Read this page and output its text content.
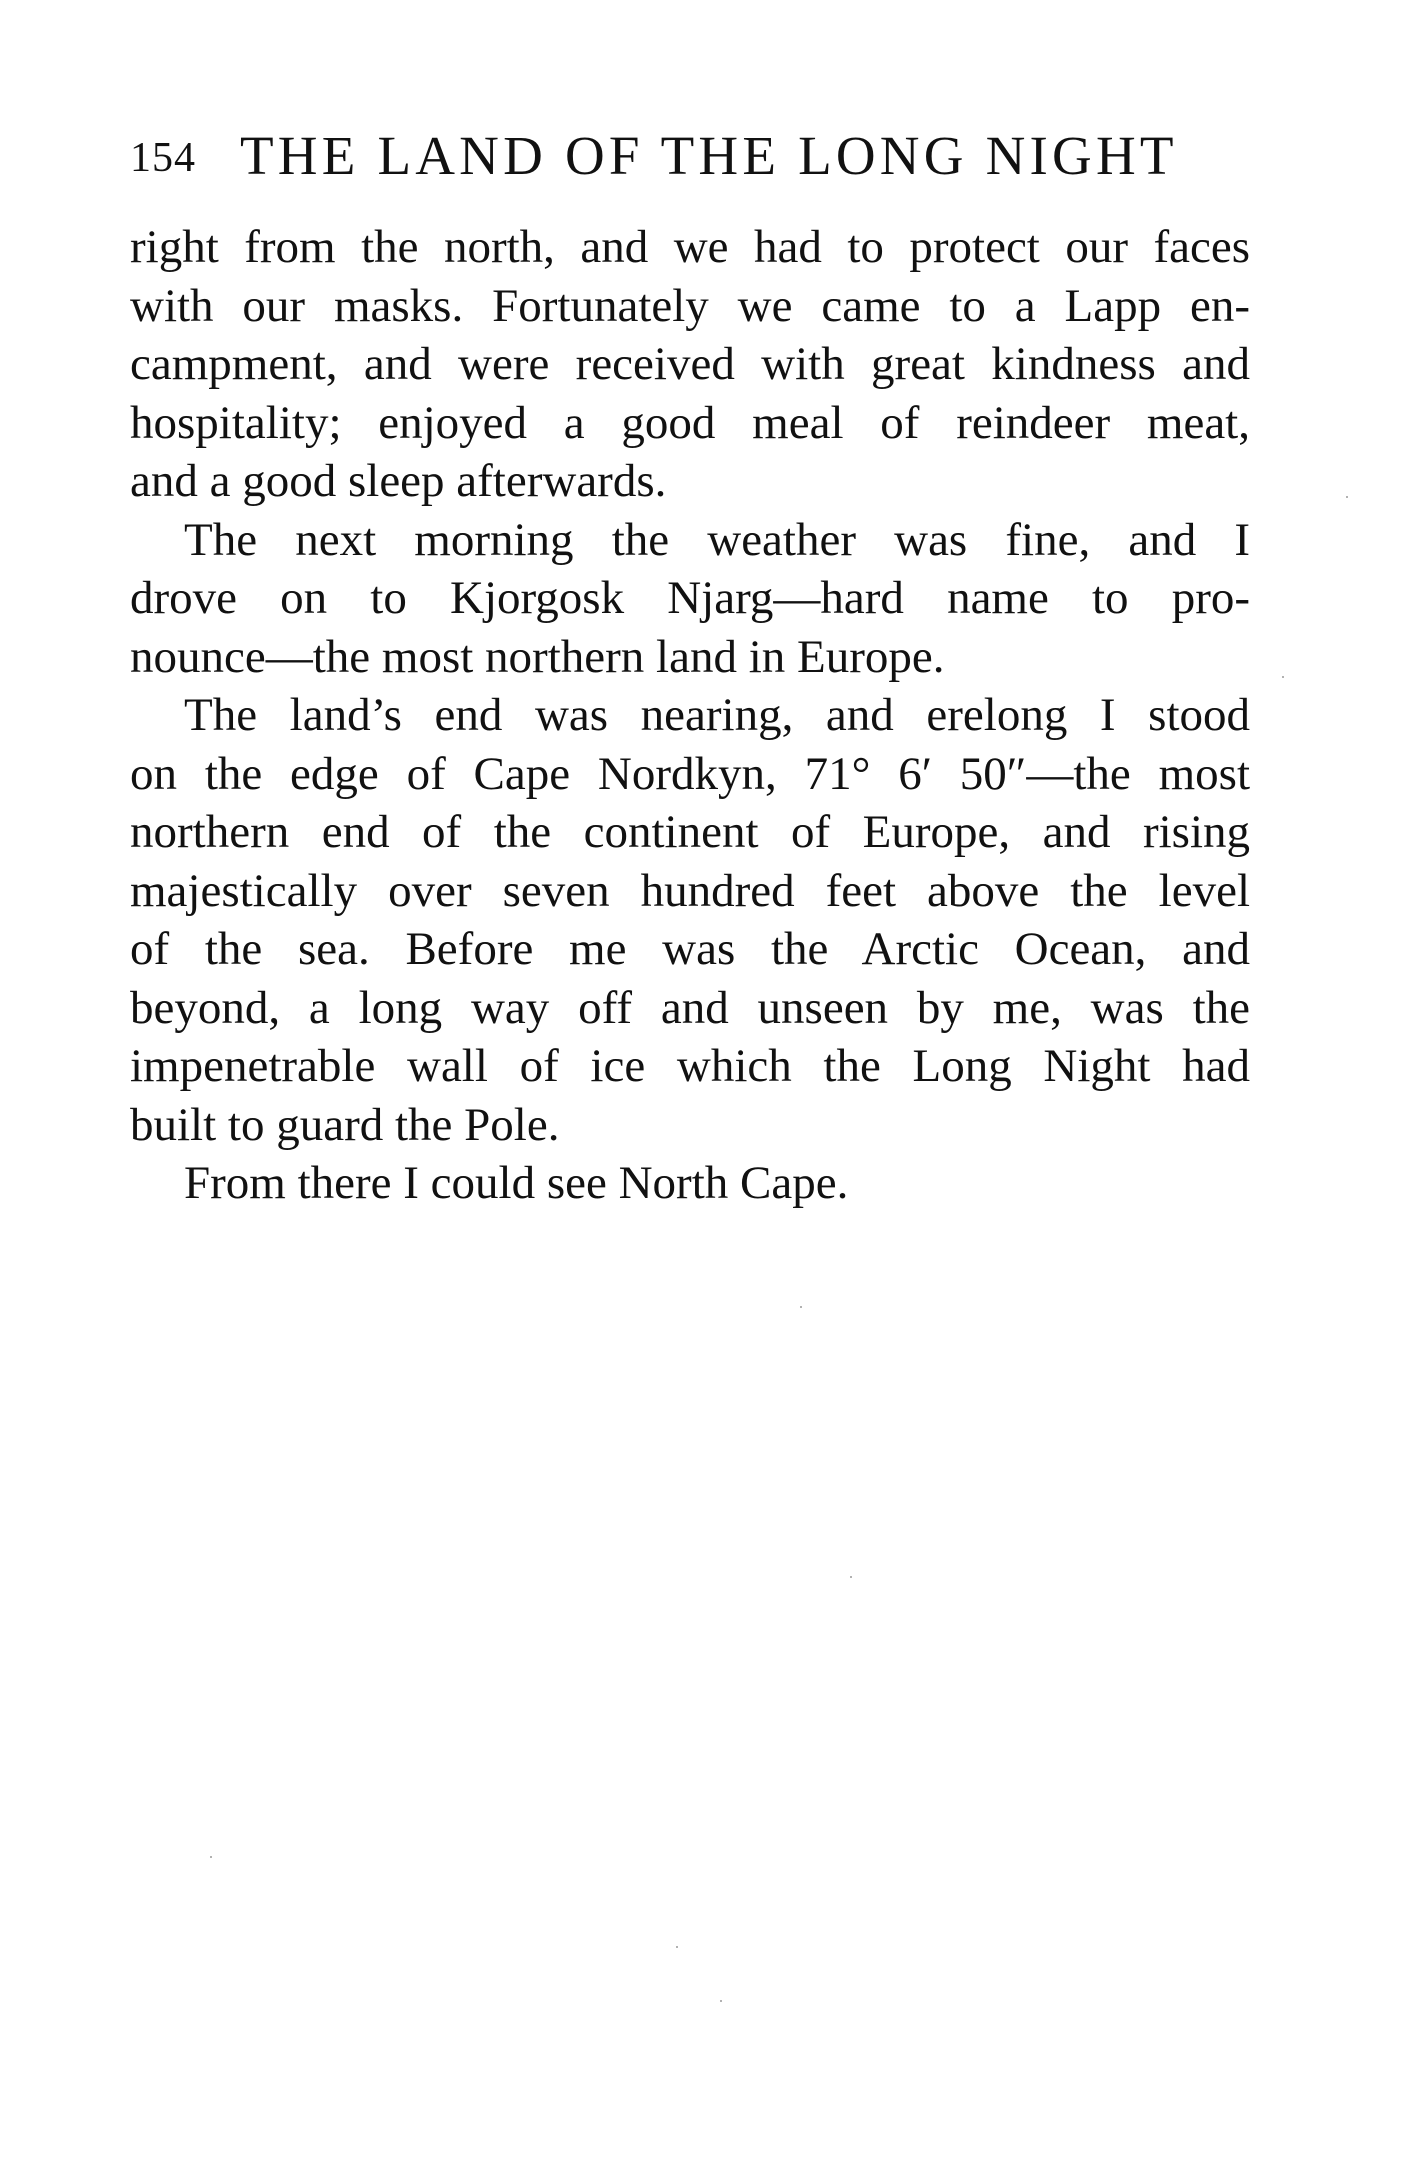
154 THE LAND OF THE LONG NIGHT
right from the north, and we had to protect our faces
with our masks. Fortunately we came to a Lapp en-
campment, and were received with great kindness and
hospitality; enjoyed a good meal of reindeer meat,
and a good sleep afterwards.
The next morning the weather was fine, and I
drove on to Kjorgosk Njarg—hard name to pro-
nounce—the most northern land in Europe.
The land’s end was nearing, and erelong I stood
on the edge of Cape Nordkyn, 71° 6′ 50″—the most
northern end of the continent of Europe, and rising
majestically over seven hundred feet above the level
of the sea. Before me was the Arctic Ocean, and
beyond, a long way off and unseen by me, was the
impenetrable wall of ice which the Long Night had
built to guard the Pole.
From there I could see North Cape.
